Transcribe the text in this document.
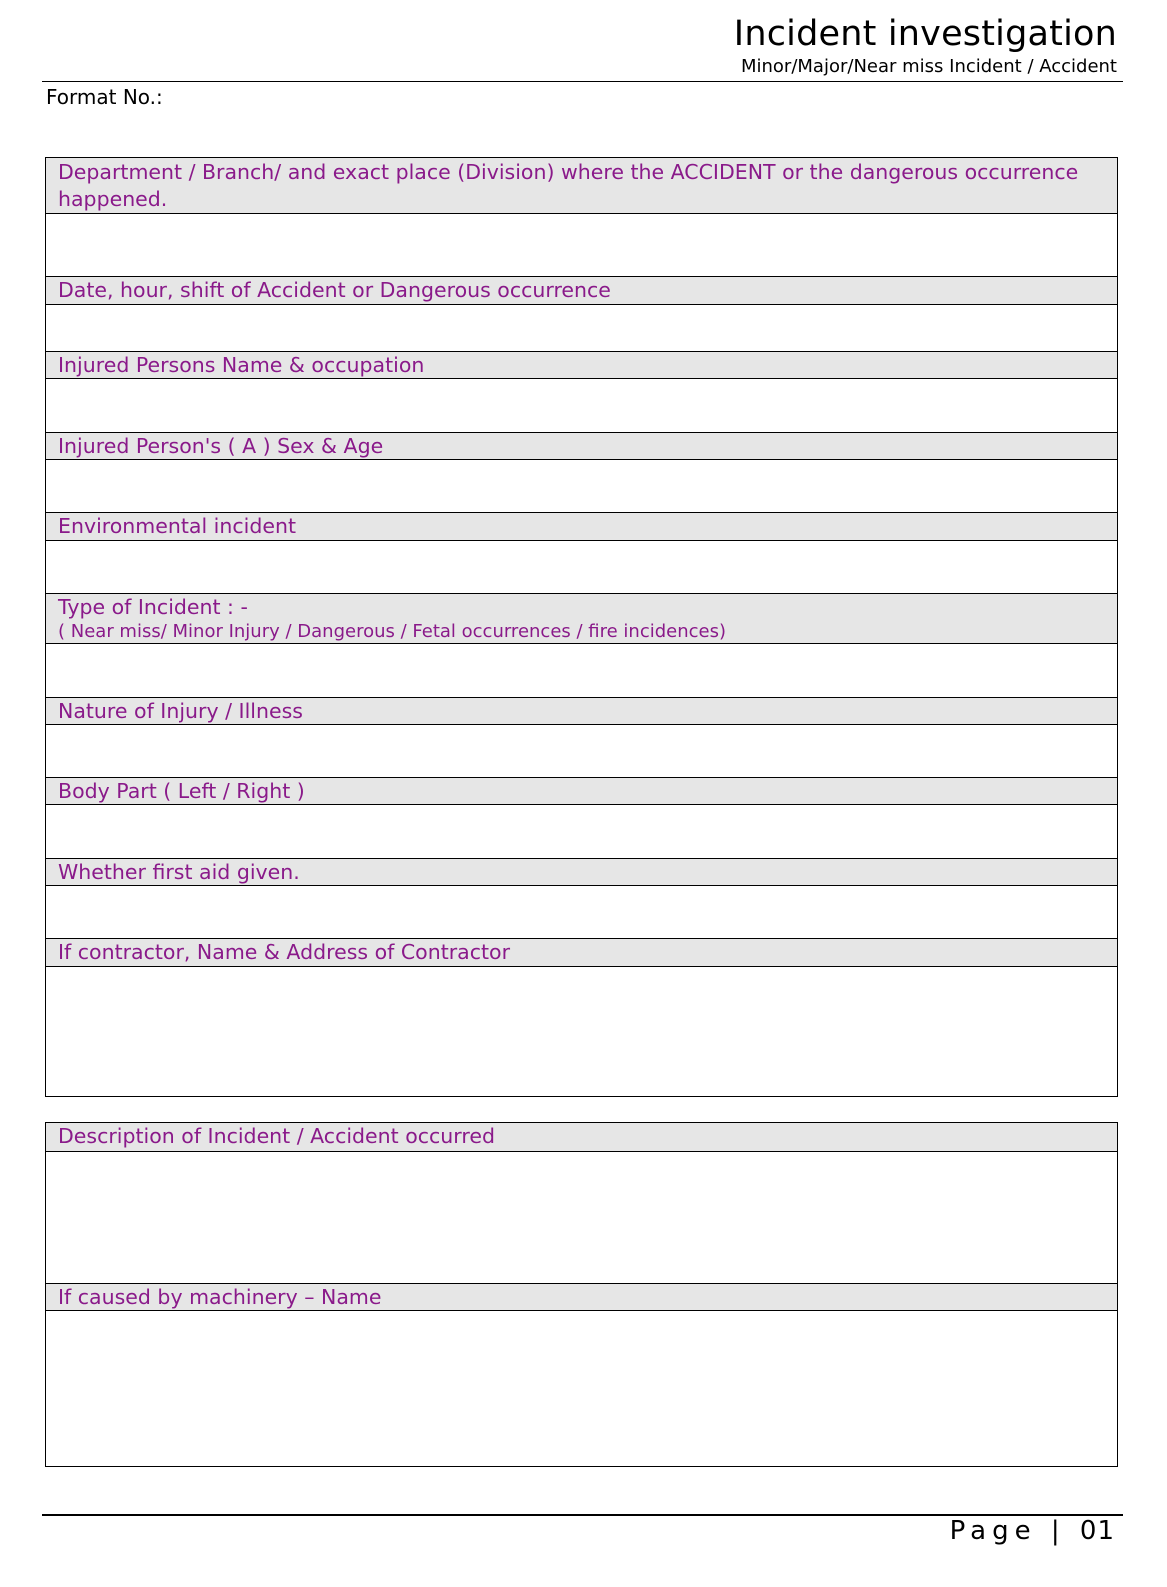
Incident investigation
Minor/Major/Near miss Incident / Accident
Format No.:
Department / Branch/ and exact place (Division) where the ACCIDENT or the dangerous occurrence happened.
Date, hour, shift of Accident or Dangerous occurrence
Injured Persons Name & occupation
Injured Person's ( A ) Sex & Age
Environmental incident
Type of Incident : -
( Near miss/ Minor Injury / Dangerous / Fetal occurrences / fire incidences)
Nature of Injury / Illness
Body Part ( Left / Right )
Whether first aid given.
If contractor, Name & Address of Contractor
Description of Incident / Accident occurred
If caused by machinery – Name
Page | 01
